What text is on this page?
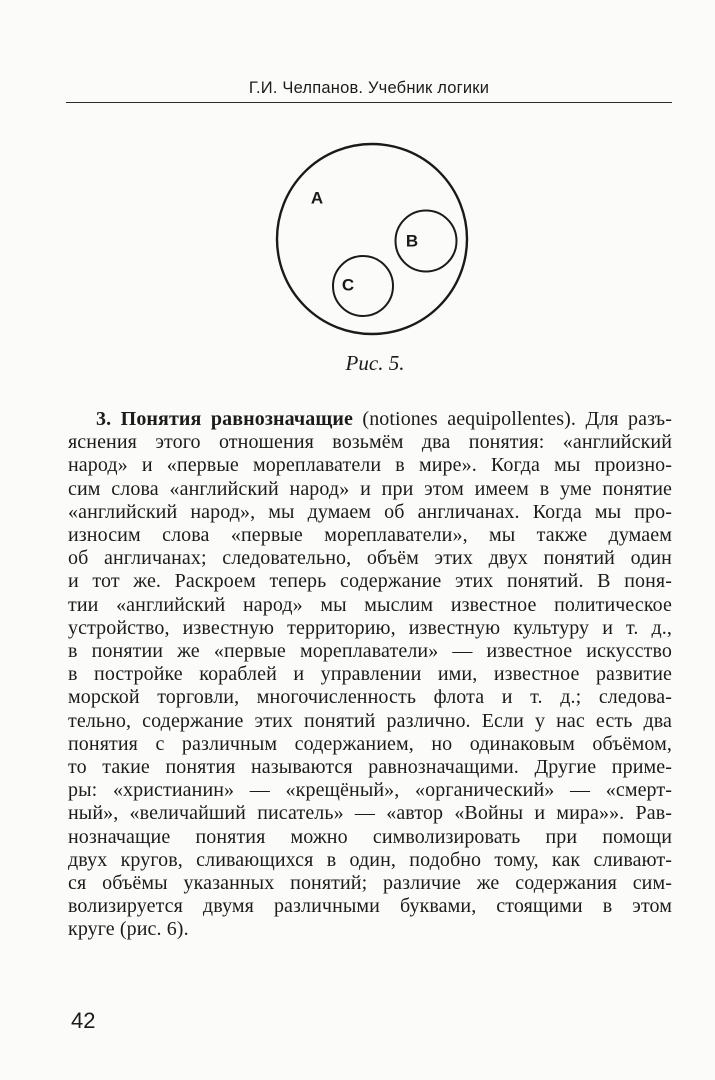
Г.И. Челпанов. Учебник логики
A
B
C
Рис. 5.
3. Понятия равнозначащие (notiones aequipollentes). Для разъ-
яснения этого отношения возьмём два понятия: «английский
народ» и «первые мореплаватели в мире». Когда мы произно-
сим слова «английский народ» и при этом имеем в уме понятие
«английский народ», мы думаем об англичанах. Когда мы про-
износим слова «первые мореплаватели», мы также думаем
об англичанах; следовательно, объём этих двух понятий один
и тот же. Раскроем теперь содержание этих понятий. В поня-
тии «английский народ» мы мыслим известное политическое
устройство, известную территорию, известную культуру и т. д.,
в понятии же «первые мореплаватели» — известное искусство
в постройке кораблей и управлении ими, известное развитие
морской торговли, многочисленность флота и т. д.; следова-
тельно, содержание этих понятий различно. Если у нас есть два
понятия с различным содержанием, но одинаковым объёмом,
то такие понятия называются равнозначащими. Другие приме-
ры: «христианин» — «крещёный», «органический» — «смерт-
ный», «величайший писатель» — «автор «Войны и мира»». Рав-
нозначащие понятия можно символизировать при помощи
двух кругов, сливающихся в один, подобно тому, как сливают-
ся объёмы указанных понятий; различие же содержания сим-
волизируется двумя различными буквами, стоящими в этом
круге (рис. 6).
42
